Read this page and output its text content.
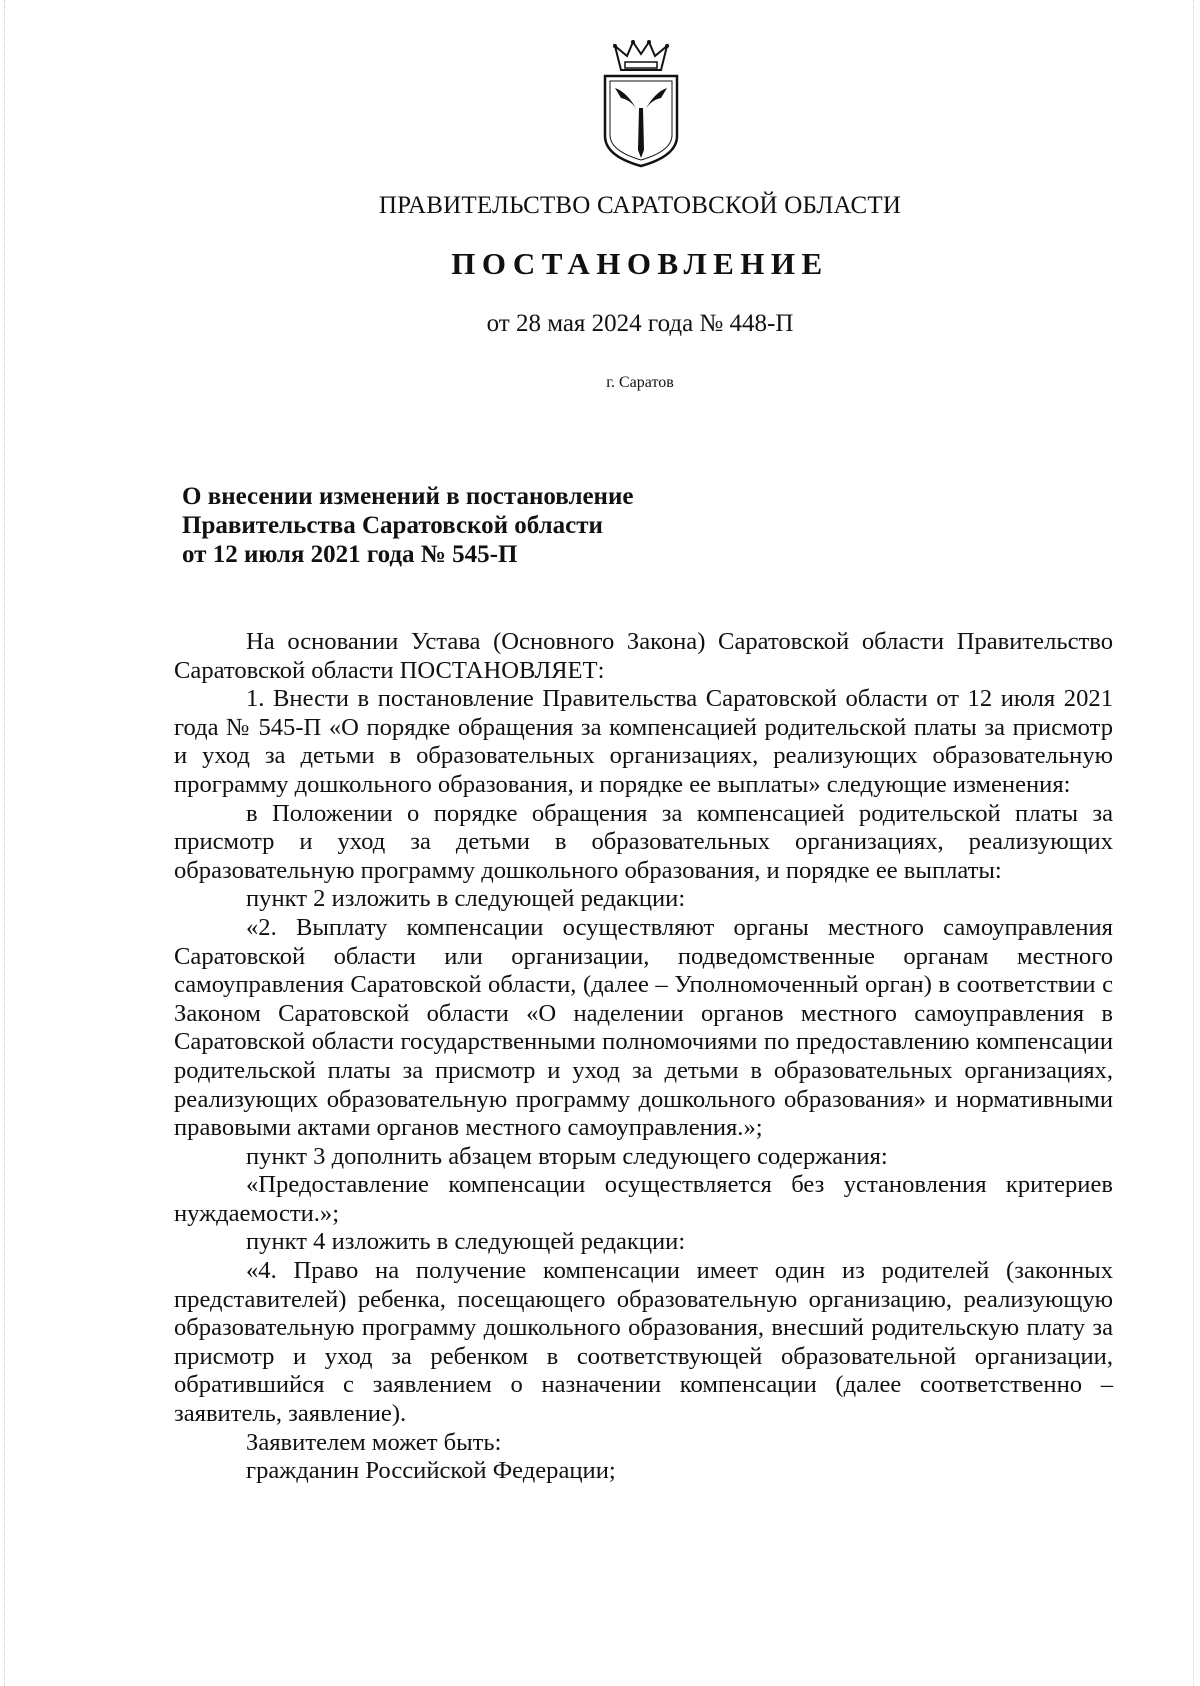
ПРАВИТЕЛЬСТВО САРАТОВСКОЙ ОБЛАСТИ
ПОСТАНОВЛЕНИЕ
от 28 мая 2024 года № 448-П
г. Саратов
О внесении изменений в постановление
Правительства Саратовской области
от 12 июля 2021 года № 545-П

На основании Устава (Основного Закона) Саратовской области Правительство Саратовской области ПОСТАНОВЛЯЕТ:

1. Внести в постановление Правительства Саратовской области от 12 июля 2021 года № 545-П «О порядке обращения за компенсацией родительской платы за присмотр и уход за детьми в образовательных организациях, реализующих образовательную программу дошкольного образования, и порядке ее выплаты» следующие изменения:

в Положении о порядке обращения за компенсацией родительской платы за присмотр и уход за детьми в образовательных организациях, реализующих образовательную программу дошкольного образования, и порядке ее выплаты:

пункт 2 изложить в следующей редакции:

«2. Выплату компенсации осуществляют органы местного самоуправления Саратовской области или организации, подведомственные органам местного самоуправления Саратовской области, (далее – Уполномоченный орган) в соответствии с Законом Саратовской области «О наделении органов местного самоуправления в Саратовской области государственными полномочиями по предоставлению компенсации родительской платы за присмотр и уход за детьми в образовательных организациях, реализующих образовательную программу дошкольного образования» и нормативными правовыми актами органов местного самоуправления.»;

пункт 3 дополнить абзацем вторым следующего содержания:

«Предоставление компенсации осуществляется без установления критериев нуждаемости.»;

пункт 4 изложить в следующей редакции:

«4. Право на получение компенсации имеет один из родителей (законных представителей) ребенка, посещающего образовательную организацию, реализующую образовательную программу дошкольного образования, внесший родительскую плату за присмотр и уход за ребенком в соответствующей образовательной организации, обратившийся с заявлением о назначении компенсации (далее соответственно – заявитель, заявление).

Заявителем может быть:

гражданин Российской Федерации;
